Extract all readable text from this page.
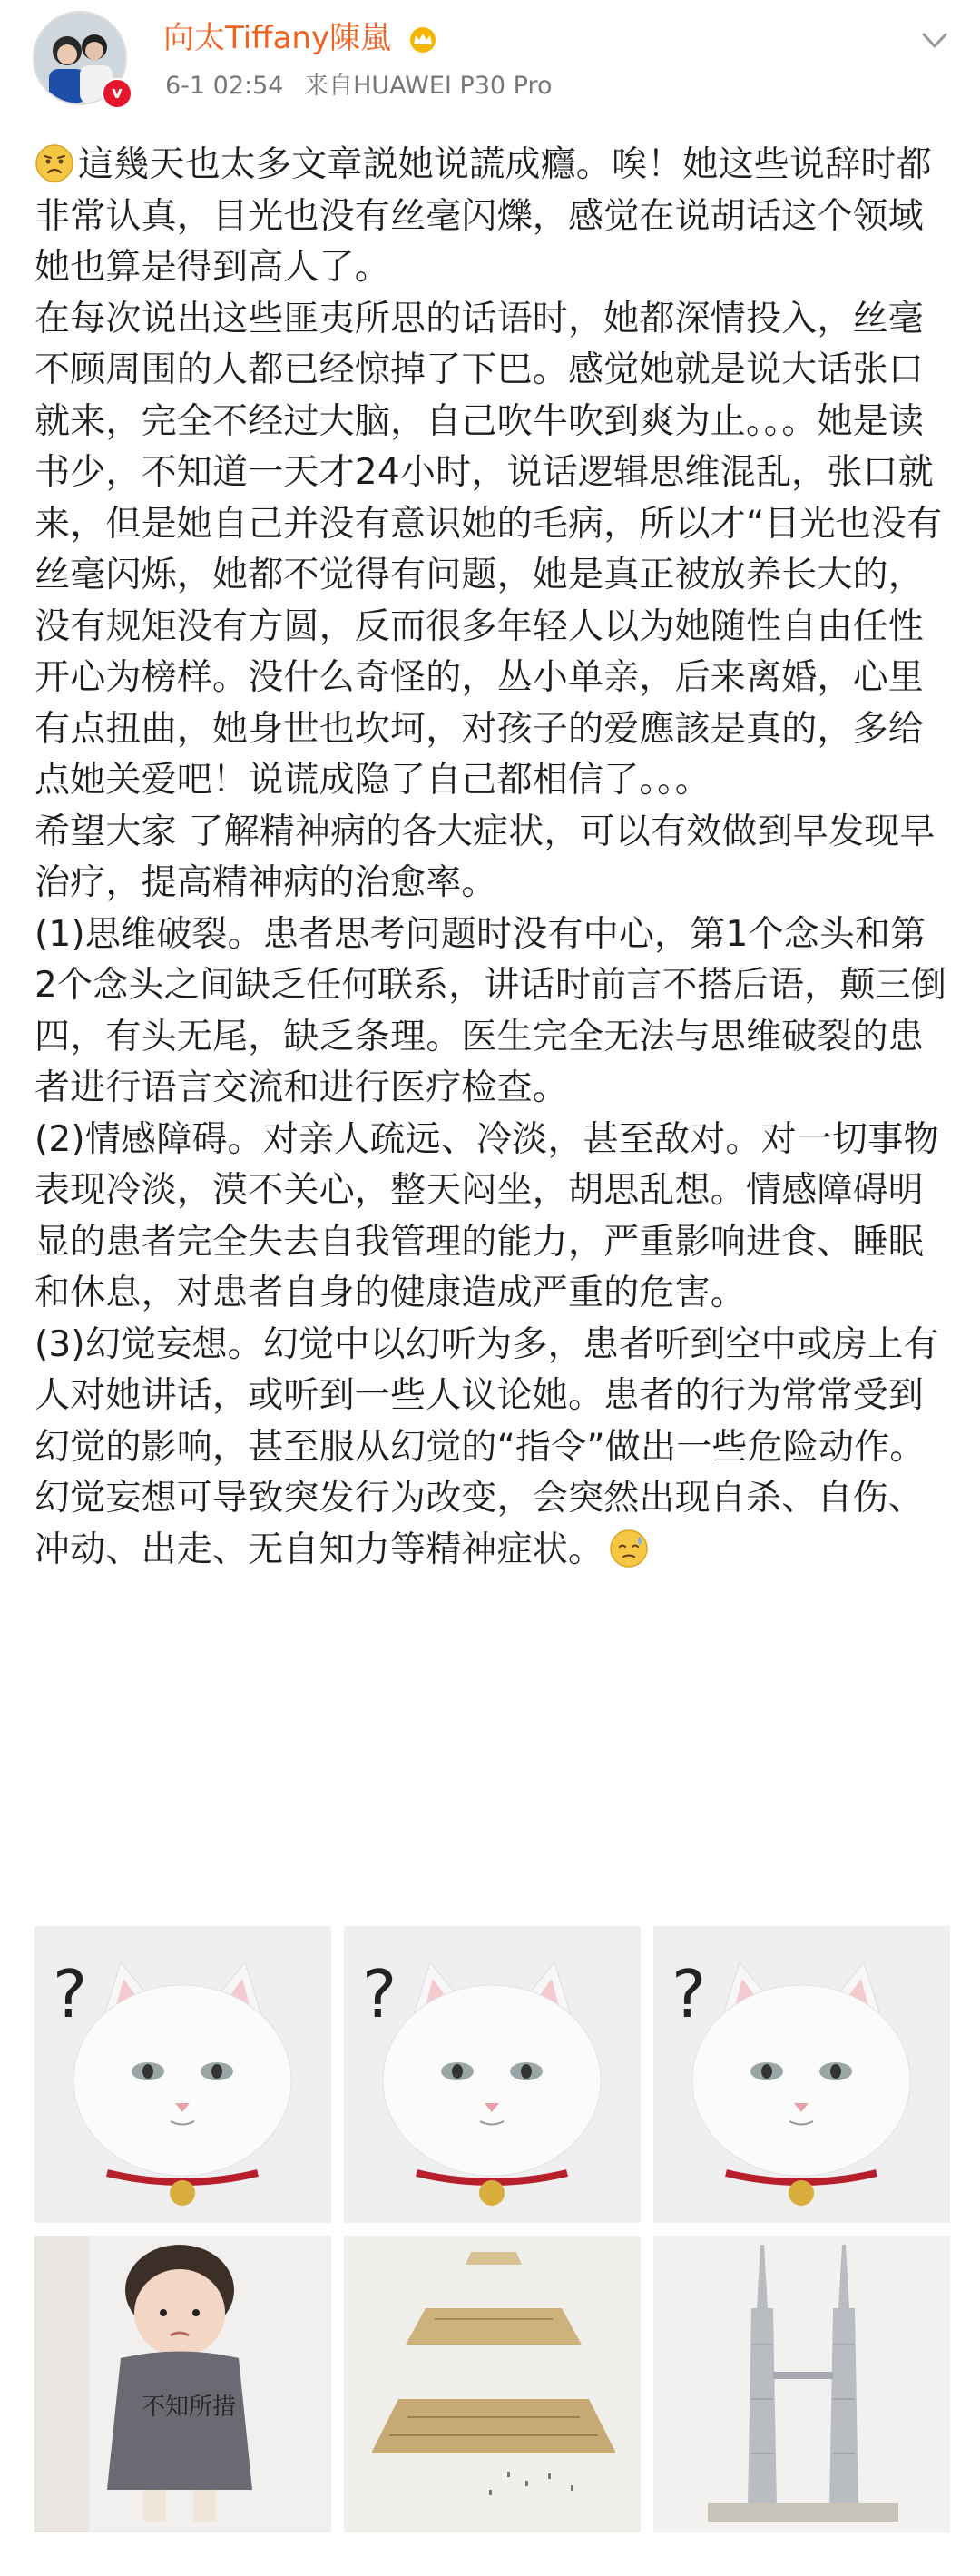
v
向太Tiffany陳嵐
6-1 02:54 来自HUAWEI P30 Pro

這幾天也太多文章説她说謊成癮。唉！她这些说辞时都非常认真，目光也没有丝毫闪爍，感觉在说胡话这个领域她也算是得到高人了。

在每次说出这些匪夷所思的话语时，她都深情投入，丝毫不顾周围的人都已经惊掉了下巴。感觉她就是说大话张口就来，完全不经过大脑，自己吹牛吹到爽为止。。。她是读书少，不知道一天才24小时，说话逻辑思维混乱，张口就来，但是她自己并没有意识她的毛病，所以才“目光也没有丝毫闪烁，她都不觉得有问题，她是真正被放养长大的，没有规矩没有方圆，反而很多年轻人以为她随性自由任性开心为榜样。没什么奇怪的，丛小单亲，后来离婚，心里有点扭曲，她身世也坎坷，对孩子的爱應該是真的，多给点她关爱吧！说谎成隐了自己都相信了。。。

希望大家 了解精神病的各大症状，可以有效做到早发现早治疗，提高精神病的治愈率。

(1)思维破裂。患者思考问题时没有中心，第1个念头和第2个念头之间缺乏任何联系，讲话时前言不搭后语，颠三倒四，有头无尾，缺乏条理。医生完全无法与思维破裂的患者进行语言交流和进行医疗检查。

(2)情感障碍。对亲人疏远、冷淡，甚至敌对。对一切事物表现冷淡，漠不关心，整天闷坐，胡思乱想。情感障碍明显的患者完全失去自我管理的能力，严重影响进食、睡眠和休息，对患者自身的健康造成严重的危害。

(3)幻觉妄想。幻觉中以幻听为多，患者听到空中或房上有人对她讲话，或听到一些人议论她。患者的行为常常受到幻觉的影响，甚至服从幻觉的“指令”做出一些危险动作。幻觉妄想可导致突发行为改变，会突然出现自杀、自伤、冲动、出走、无自知力等精神症状。

?	?	?
不知所措
